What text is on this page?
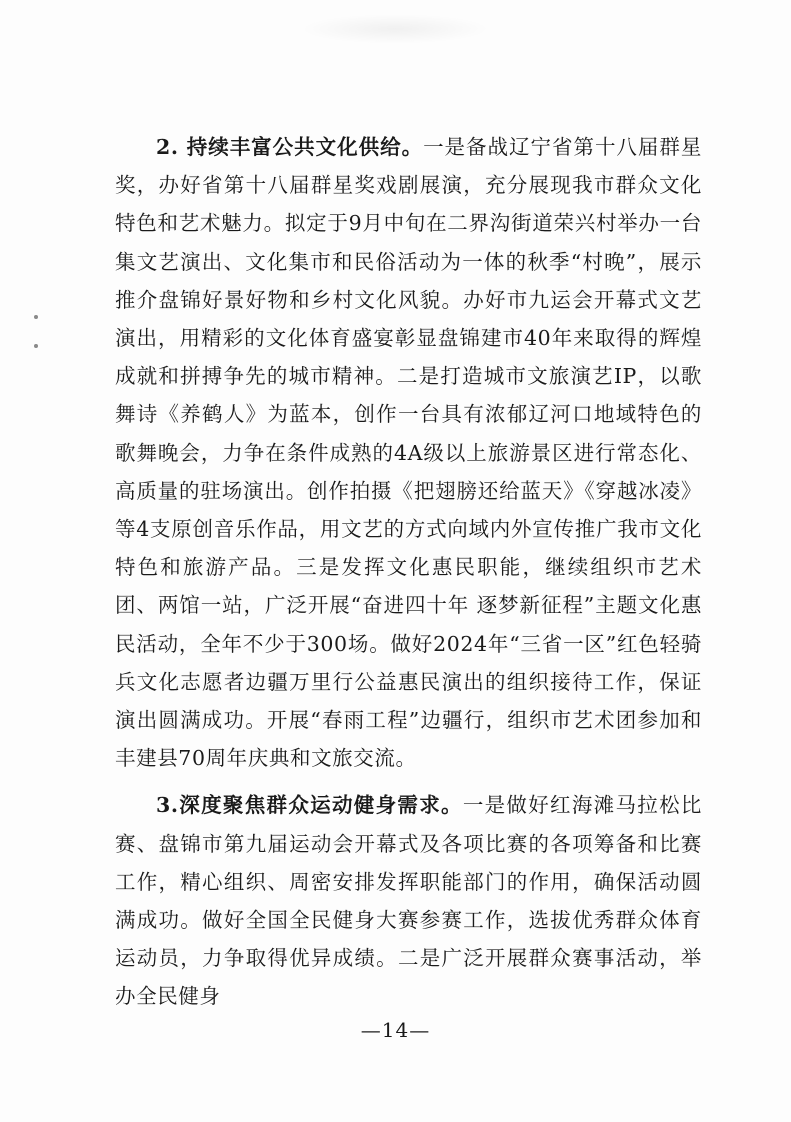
2. 持续丰富公共文化供给。一是备战辽宁省第十八届群星奖，办好省第十八届群星奖戏剧展演，充分展现我市群众文化特色和艺术魅力。拟定于9月中旬在二界沟街道荣兴村举办一台集文艺演出、文化集市和民俗活动为一体的秋季“村晚”，展示推介盘锦好景好物和乡村文化风貌。办好市九运会开幕式文艺演出，用精彩的文化体育盛宴彰显盘锦建市40年来取得的辉煌成就和拼搏争先的城市精神。二是打造城市文旅演艺IP，以歌舞诗《养鹤人》为蓝本，创作一台具有浓郁辽河口地域特色的歌舞晚会，力争在条件成熟的4A级以上旅游景区进行常态化、高质量的驻场演出。创作拍摄《把翅膀还给蓝天》《穿越冰凌》等4支原创音乐作品，用文艺的方式向域内外宣传推广我市文化特色和旅游产品。三是发挥文化惠民职能，继续组织市艺术团、两馆一站，广泛开展“奋进四十年 逐梦新征程”主题文化惠民活动，全年不少于300场。做好2024年“三省一区”红色轻骑兵文化志愿者边疆万里行公益惠民演出的组织接待工作，保证演出圆满成功。开展“春雨工程”边疆行，组织市艺术团参加和丰建县70周年庆典和文旅交流。

3.深度聚焦群众运动健身需求。一是做好红海滩马拉松比赛、盘锦市第九届运动会开幕式及各项比赛的各项筹备和比赛工作，精心组织、周密安排发挥职能部门的作用，确保活动圆满成功。做好全国全民健身大赛参赛工作，选拔优秀群众体育运动员，力争取得优异成绩。二是广泛开展群众赛事活动，举办全民健身

—14—
